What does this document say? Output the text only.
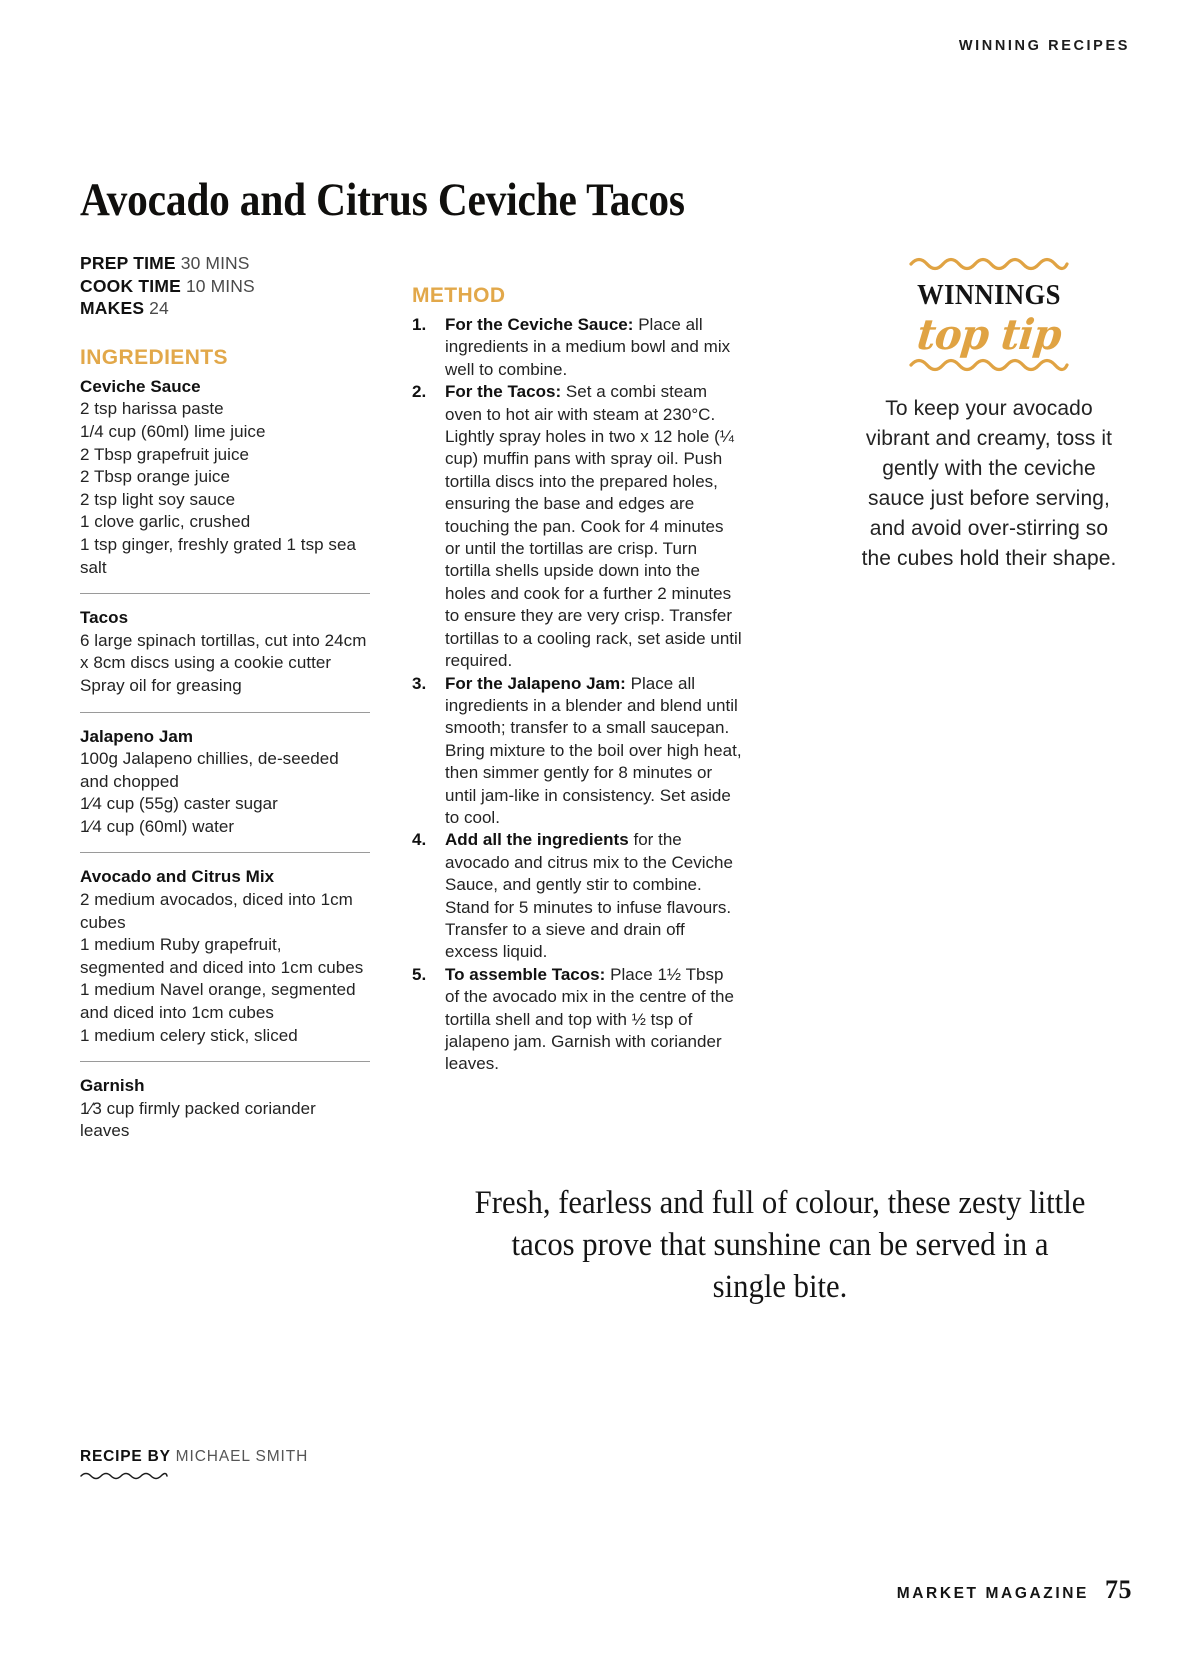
WINNING RECIPES
Avocado and Citrus Ceviche Tacos
PREP TIME 30 MINS
COOK TIME 10 MINS
MAKES 24
INGREDIENTS
Ceviche Sauce
2 tsp harissa paste
1/4 cup (60ml) lime juice
2 Tbsp grapefruit juice
2 Tbsp orange juice
2 tsp light soy sauce
1 clove garlic, crushed
1 tsp ginger, freshly grated 1 tsp sea salt
Tacos
6 large spinach tortillas, cut into 24cm x 8cm discs using a cookie cutter
Spray oil for greasing
Jalapeno Jam
100g Jalapeno chillies, de-seeded and chopped
1⁄4 cup (55g) caster sugar
1⁄4 cup (60ml) water
Avocado and Citrus Mix
2 medium avocados, diced into 1cm cubes
1 medium Ruby grapefruit, segmented and diced into 1cm cubes
1 medium Navel orange, segmented and diced into 1cm cubes
1 medium celery stick, sliced
Garnish
1⁄3 cup firmly packed coriander leaves
METHOD
1.	For the Ceviche Sauce: Place all ingredients in a medium bowl and mix well to combine.
2.	For the Tacos: Set a combi steam oven to hot air with steam at 230°C. Lightly spray holes in two x 12 hole (¼ cup) muffin pans with spray oil. Push tortilla discs into the prepared holes, ensuring the base and edges are touching the pan. Cook for 4 minutes or until the tortillas are crisp. Turn tortilla shells upside down into the holes and cook for a further 2 minutes to ensure they are very crisp. Transfer tortillas to a cooling rack, set aside until required.
3.	For the Jalapeno Jam: Place all ingredients in a blender and blend until smooth; transfer to a small saucepan. Bring mixture to the boil over high heat, then simmer gently for 8 minutes or until jam-like in consistency. Set aside to cool.
4.	Add all the ingredients for the avocado and citrus mix to the Ceviche Sauce, and gently stir to combine. Stand for 5 minutes to infuse flavours. Transfer to a sieve and drain off excess liquid.
5.	To assemble Tacos: Place 1½ Tbsp of the avocado mix in the centre of the tortilla shell and top with ½ tsp of jalapeno jam. Garnish with coriander leaves.
WINNINGS
top tip
To keep your avocado vibrant and creamy, toss it gently with the ceviche sauce just before serving, and avoid over-stirring so the cubes hold their shape.
Fresh, fearless and full of colour, these zesty little tacos prove that sunshine can be served in a single bite.
RECIPE BY MICHAEL SMITH
MARKET MAGAZINE 75
